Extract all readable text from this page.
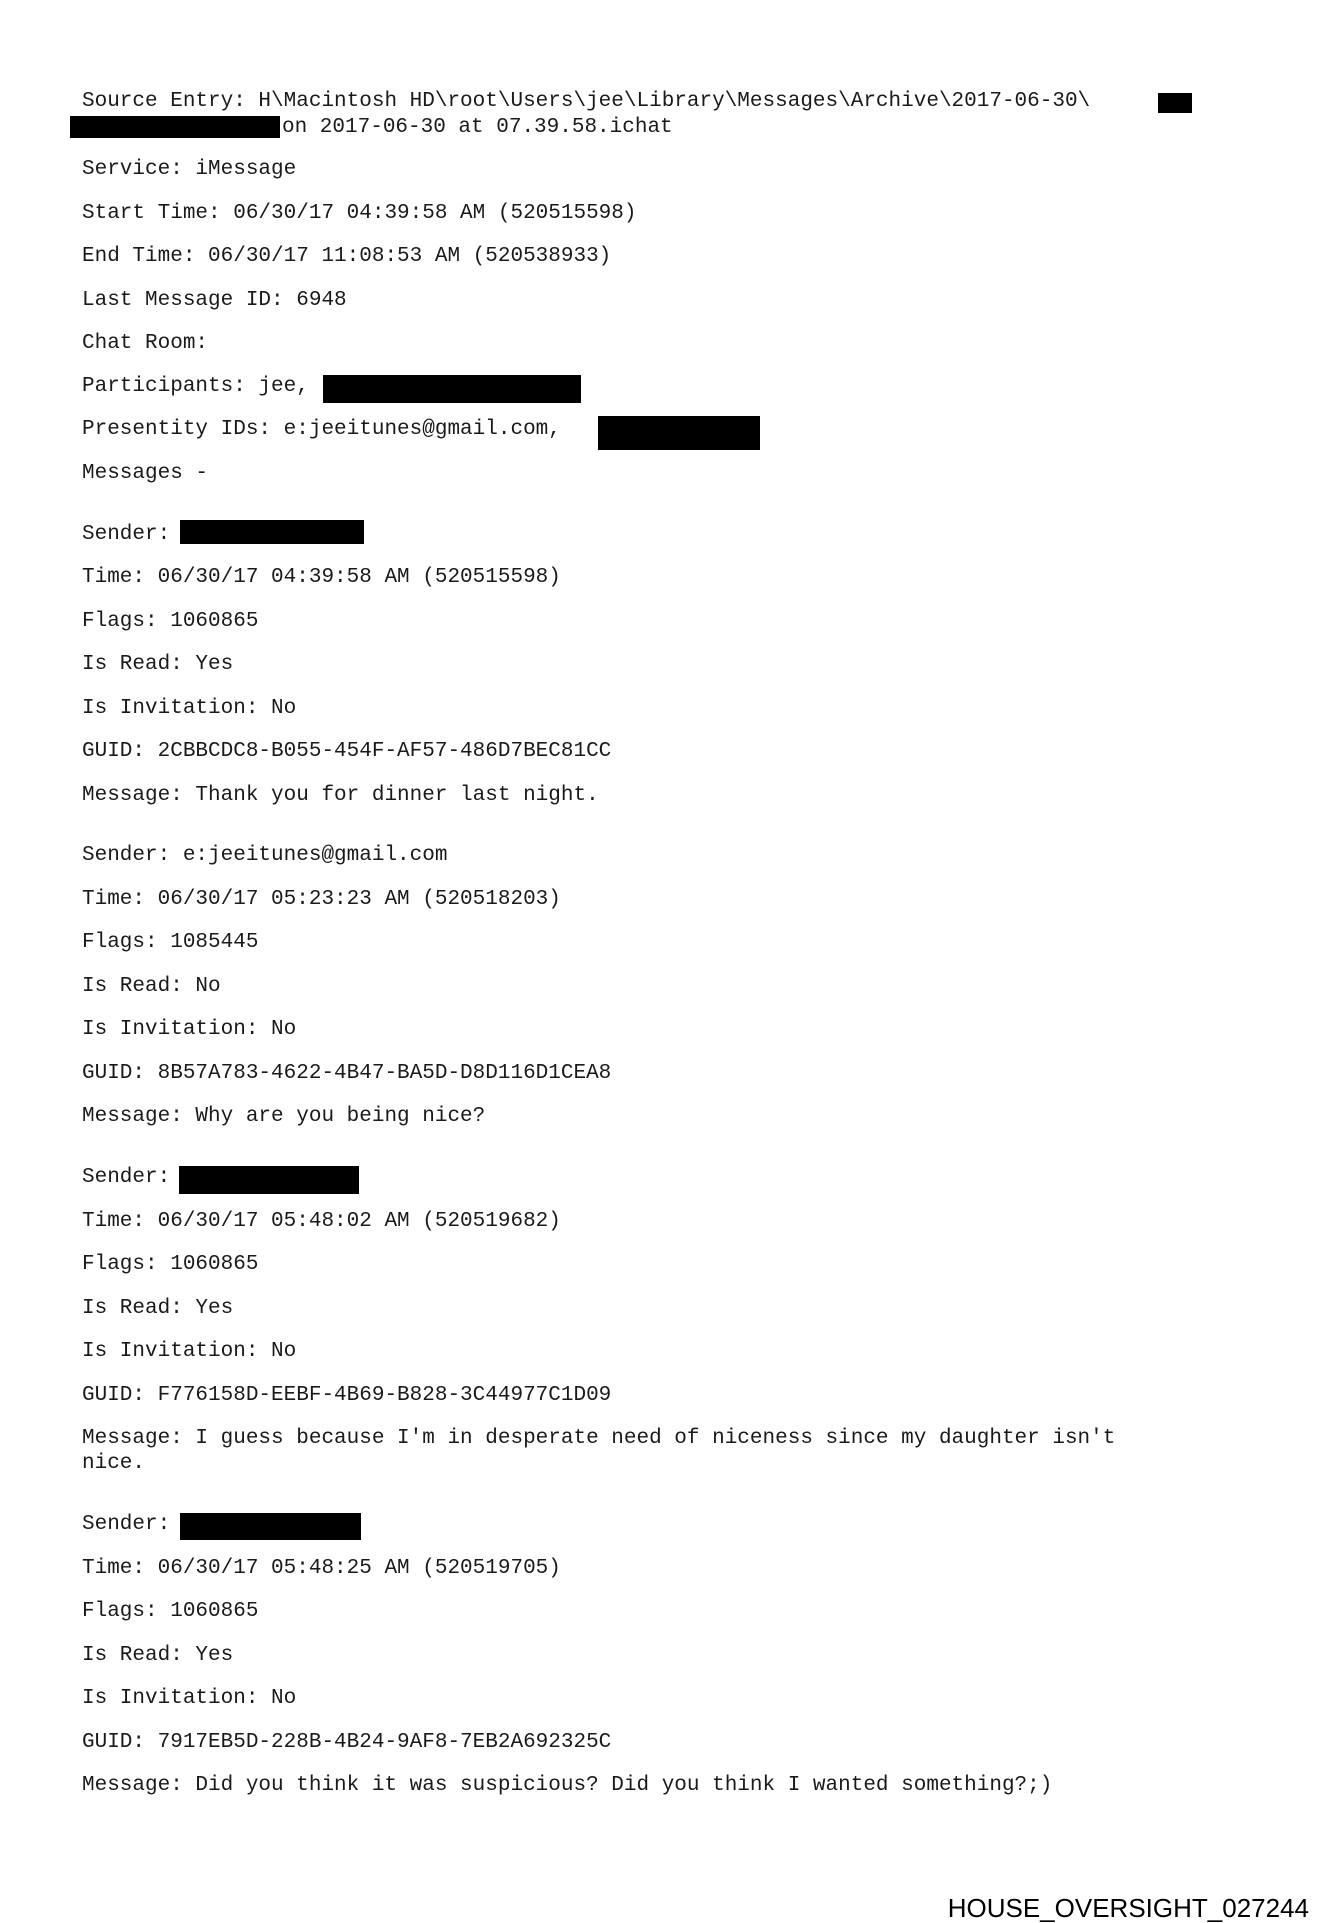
Source Entry: H\Macintosh HD\root\Users\jee\Library\Messages\Archive\2017-06-30\

on 2017-06-30 at 07.39.58.ichat

Service: iMessage

Start Time: 06/30/17 04:39:58 AM (520515598)

End Time: 06/30/17 11:08:53 AM (520538933)

Last Message ID: 6948

Chat Room:

Participants: jee,

Presentity IDs: e:jeeitunes@gmail.com,

Messages -

Sender:

Time: 06/30/17 04:39:58 AM (520515598)

Flags: 1060865

Is Read: Yes

Is Invitation: No

GUID: 2CBBCDC8-B055-454F-AF57-486D7BEC81CC

Message: Thank you for dinner last night.

Sender: e:jeeitunes@gmail.com

Time: 06/30/17 05:23:23 AM (520518203)

Flags: 1085445

Is Read: No

Is Invitation: No

GUID: 8B57A783-4622-4B47-BA5D-D8D116D1CEA8

Message: Why are you being nice?

Sender:

Time: 06/30/17 05:48:02 AM (520519682)

Flags: 1060865

Is Read: Yes

Is Invitation: No

GUID: F776158D-EEBF-4B69-B828-3C44977C1D09

Message: I guess because I'm in desperate need of niceness since my daughter isn't

nice.

Sender:

Time: 06/30/17 05:48:25 AM (520519705)

Flags: 1060865

Is Read: Yes

Is Invitation: No

GUID: 7917EB5D-228B-4B24-9AF8-7EB2A692325C

Message: Did you think it was suspicious? Did you think I wanted something?;)

HOUSE_OVERSIGHT_027244
